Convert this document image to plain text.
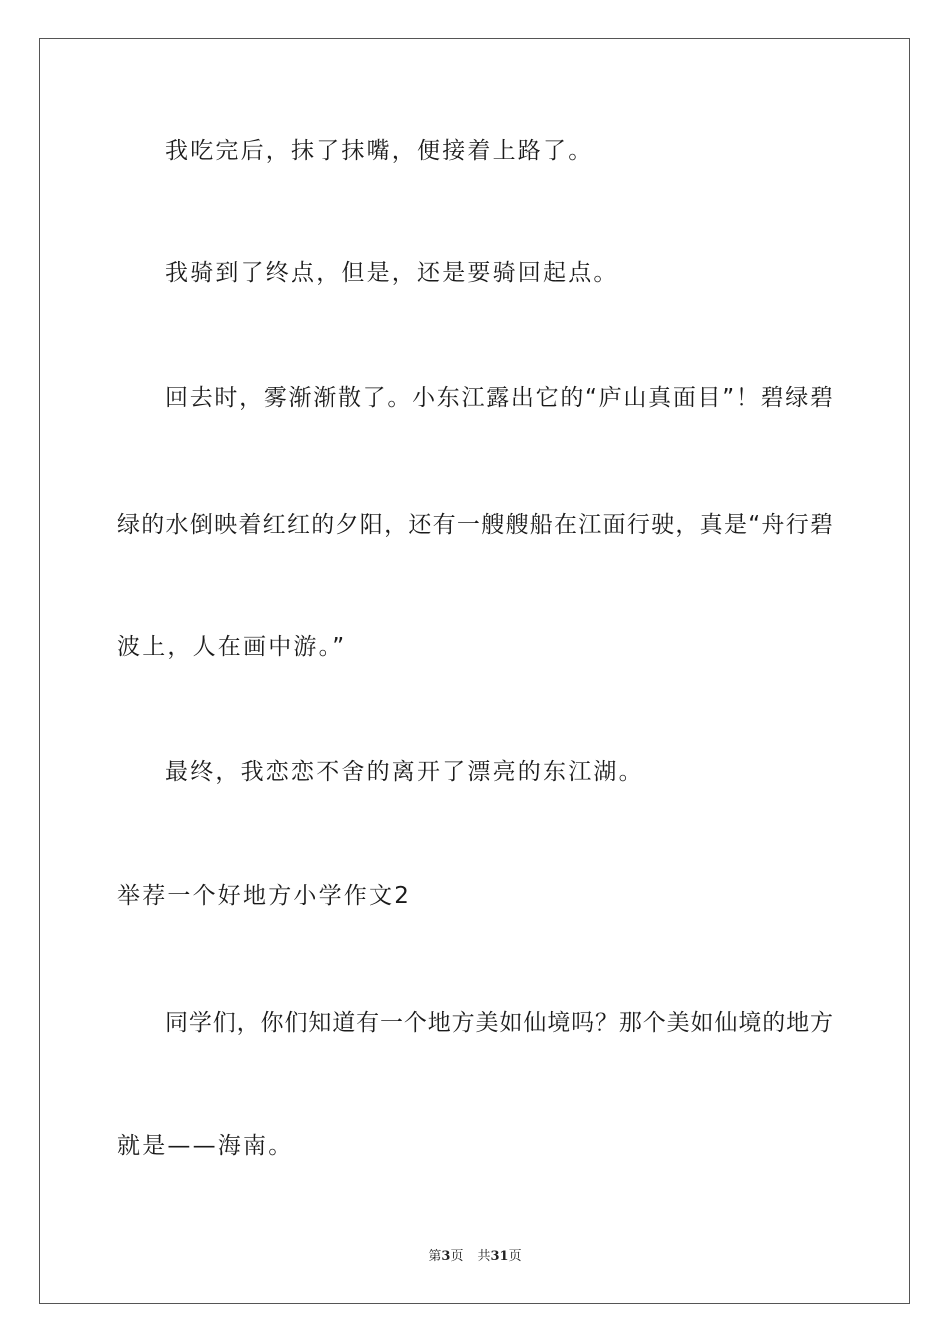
我吃完后，抹了抹嘴，便接着上路了。
我骑到了终点，但是，还是要骑回起点。
回去时，雾渐渐散了。小东江露出它的“庐山真面目”！碧绿碧
绿的水倒映着红红的夕阳，还有一艘艘船在江面行驶，真是“舟行碧
波上，人在画中游。”
最终，我恋恋不舍的离开了漂亮的东江湖。
举荐一个好地方小学作文2
同学们，你们知道有一个地方美如仙境吗？那个美如仙境的地方
就是——海南。
第3页 共31页
